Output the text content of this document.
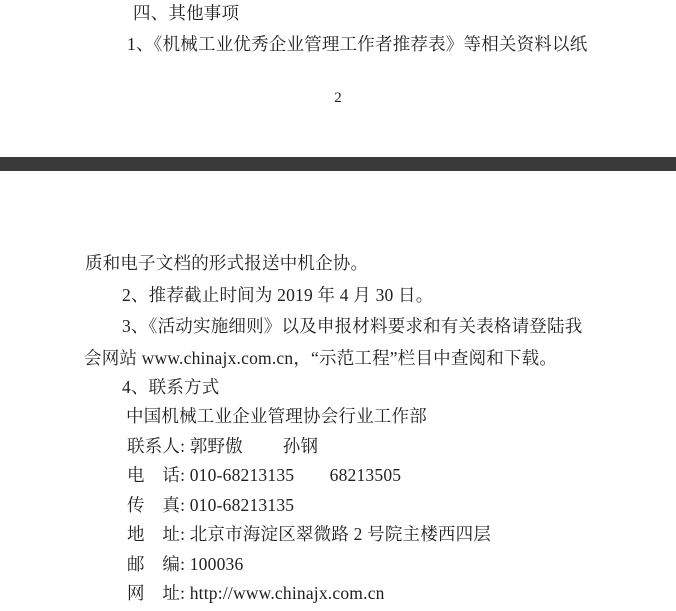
四、其他事项
1、《机械工业优秀企业管理工作者推荐表》等相关资料以纸
2
质和电子文档的形式报送中机企协。
2、推荐截止时间为 2019 年 4 月 30 日。
3、《活动实施细则》以及申报材料要求和有关表格请登陆我
会网站 www.chinajx.com.cn，“示范工程”栏目中查阅和下载。
4、联系方式
中国机械工业企业管理协会行业工作部
联系人: 郭野傲　　 孙钢
电　话: 010-68213135　　68213505
传　真: 010-68213135
地　址: 北京市海淀区翠微路 2 号院主楼西四层
邮　编: 100036
网　址: http://www.chinajx.com.cn
